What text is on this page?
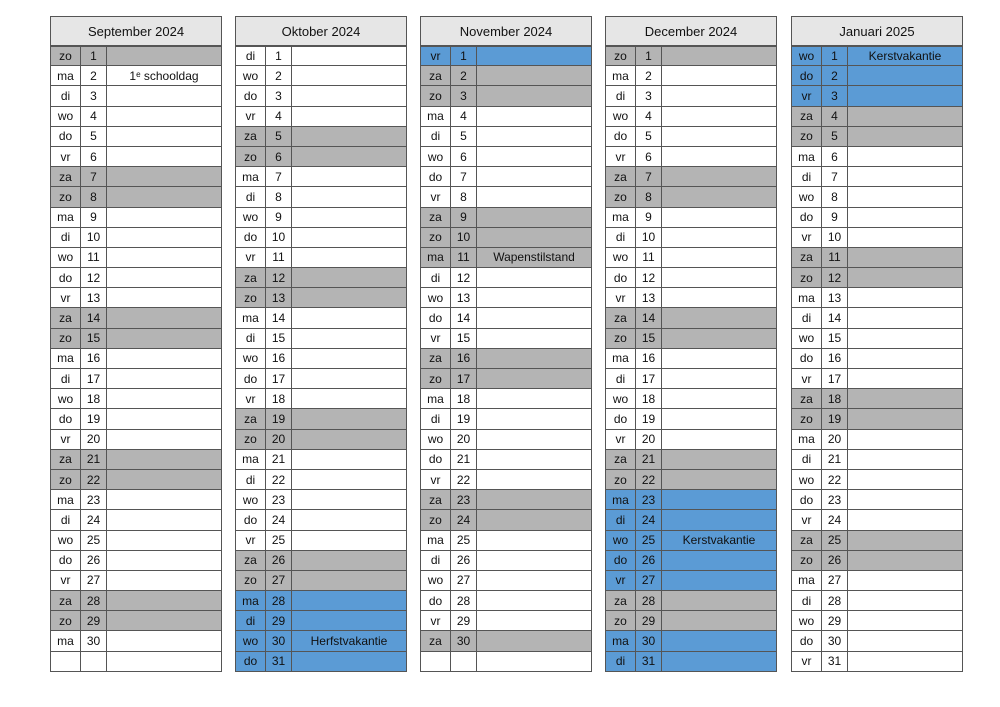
September 2024
zo	1
ma	2	1ᵉ schooldag
di	3
wo	4
do	5
vr	6
za	7
zo	8
ma	9
di	10
wo	11
do	12
vr	13
za	14
zo	15
ma	16
di	17
wo	18
do	19
vr	20
za	21
zo	22
ma	23
di	24
wo	25
do	26
vr	27
za	28
zo	29
ma	30
Oktober 2024
di	1
wo	2
do	3
vr	4
za	5
zo	6
ma	7
di	8
wo	9
do	10
vr	11
za	12
zo	13
ma	14
di	15
wo	16
do	17
vr	18
za	19
zo	20
ma	21
di	22
wo	23
do	24
vr	25
za	26
zo	27
ma	28
di	29
wo	30	Herfstvakantie
do	31
November 2024
vr	1
za	2
zo	3
ma	4
di	5
wo	6
do	7
vr	8
za	9
zo	10
ma	11	Wapenstilstand
di	12
wo	13
do	14
vr	15
za	16
zo	17
ma	18
di	19
wo	20
do	21
vr	22
za	23
zo	24
ma	25
di	26
wo	27
do	28
vr	29
za	30
December 2024
zo	1
ma	2
di	3
wo	4
do	5
vr	6
za	7
zo	8
ma	9
di	10
wo	11
do	12
vr	13
za	14
zo	15
ma	16
di	17
wo	18
do	19
vr	20
za	21
zo	22
ma	23
di	24
wo	25	Kerstvakantie
do	26
vr	27
za	28
zo	29
ma	30
di	31
Januari 2025
wo	1	Kerstvakantie
do	2
vr	3
za	4
zo	5
ma	6
di	7
wo	8
do	9
vr	10
za	11
zo	12
ma	13
di	14
wo	15
do	16
vr	17
za	18
zo	19
ma	20
di	21
wo	22
do	23
vr	24
za	25
zo	26
ma	27
di	28
wo	29
do	30
vr	31
